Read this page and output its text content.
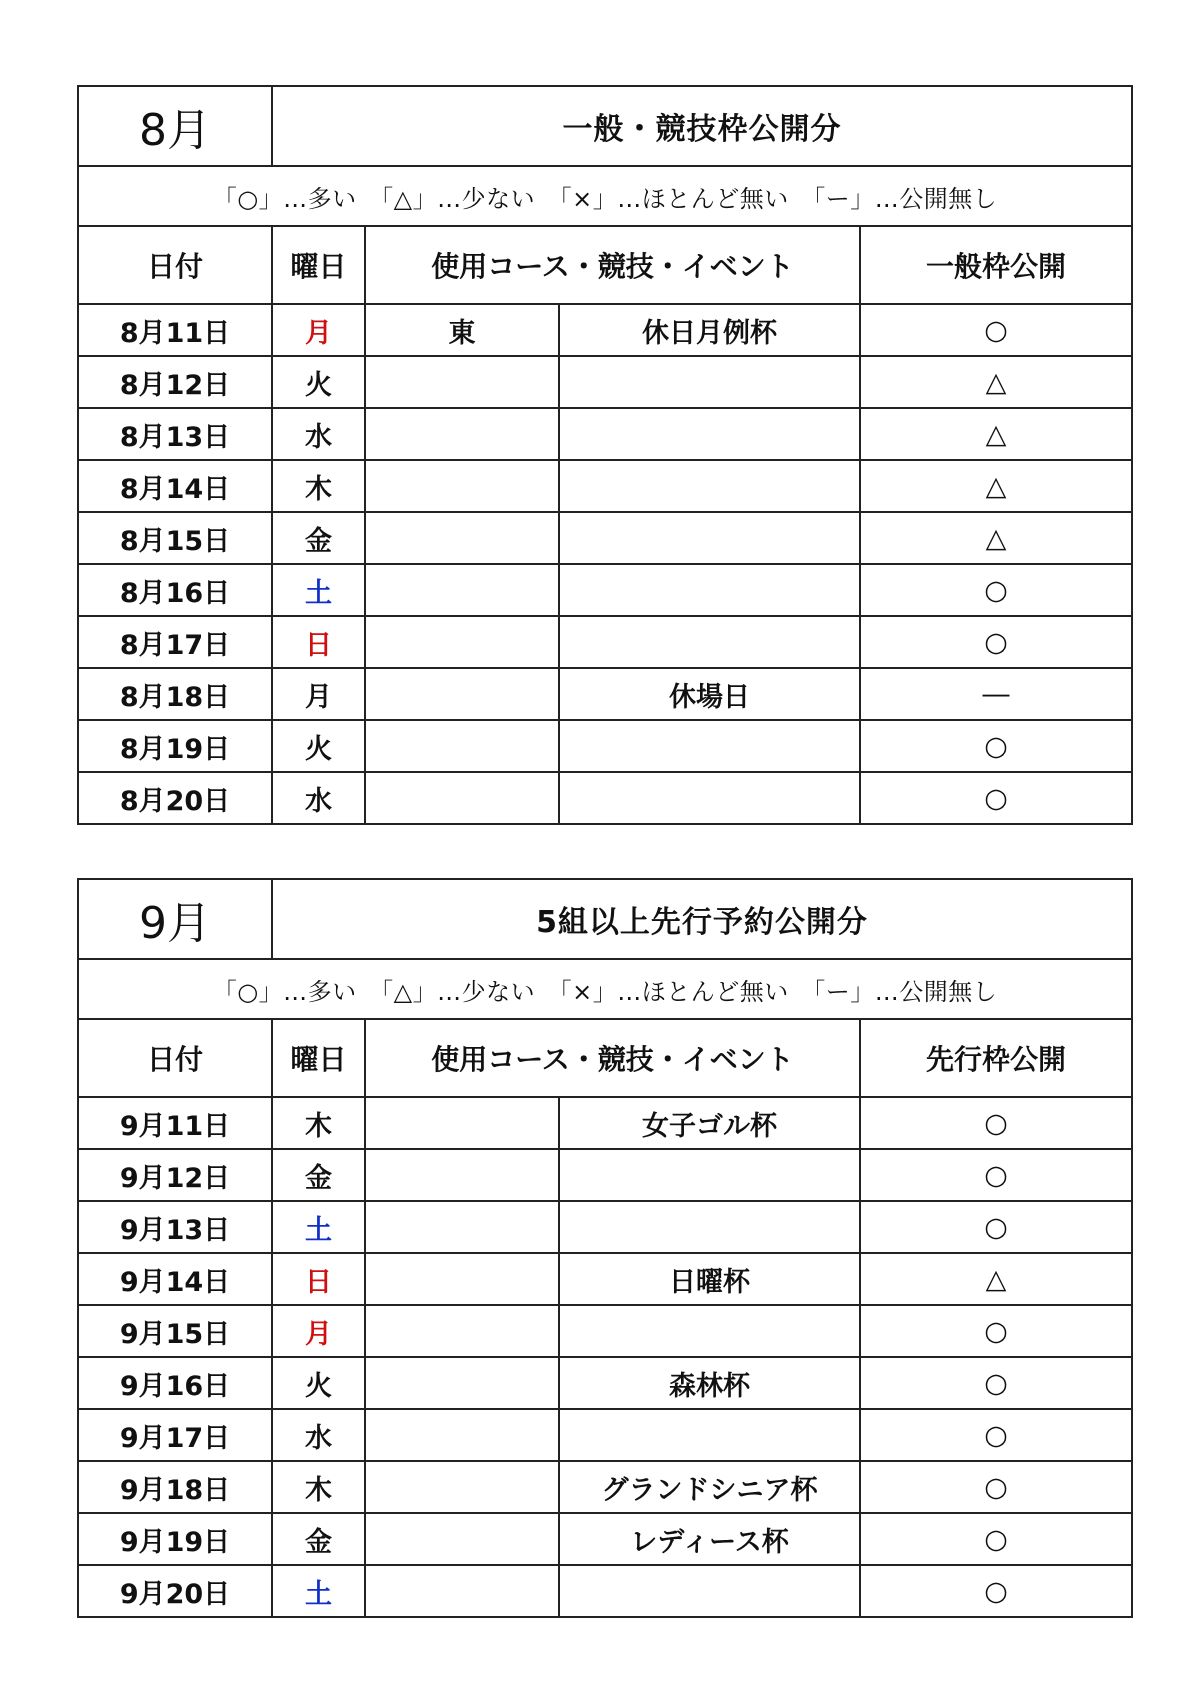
8月	一般・競技枠公開分			
「○」…多い　「△」…少ない　「×」…ほとんど無い　「ー」…公開無し				
日付	曜日	使用コース・競技・イベント		一般枠公開
8月11日	月	東	休日月例杯	○
8月12日	火			△
8月13日	水			△
8月14日	木			△
8月15日	金			△
8月16日	土			○
8月17日	日			○
8月18日	月		休場日	―
8月19日	火			○
8月20日	水			○
9月	5組以上先行予約公開分			
「○」…多い　「△」…少ない　「×」…ほとんど無い　「ー」…公開無し				
日付	曜日	使用コース・競技・イベント		先行枠公開
9月11日	木		女子ゴル杯	○
9月12日	金			○
9月13日	土			○
9月14日	日		日曜杯	△
9月15日	月			○
9月16日	火		森林杯	○
9月17日	水			○
9月18日	木		グランドシニア杯	○
9月19日	金		レディース杯	○
9月20日	土			○
